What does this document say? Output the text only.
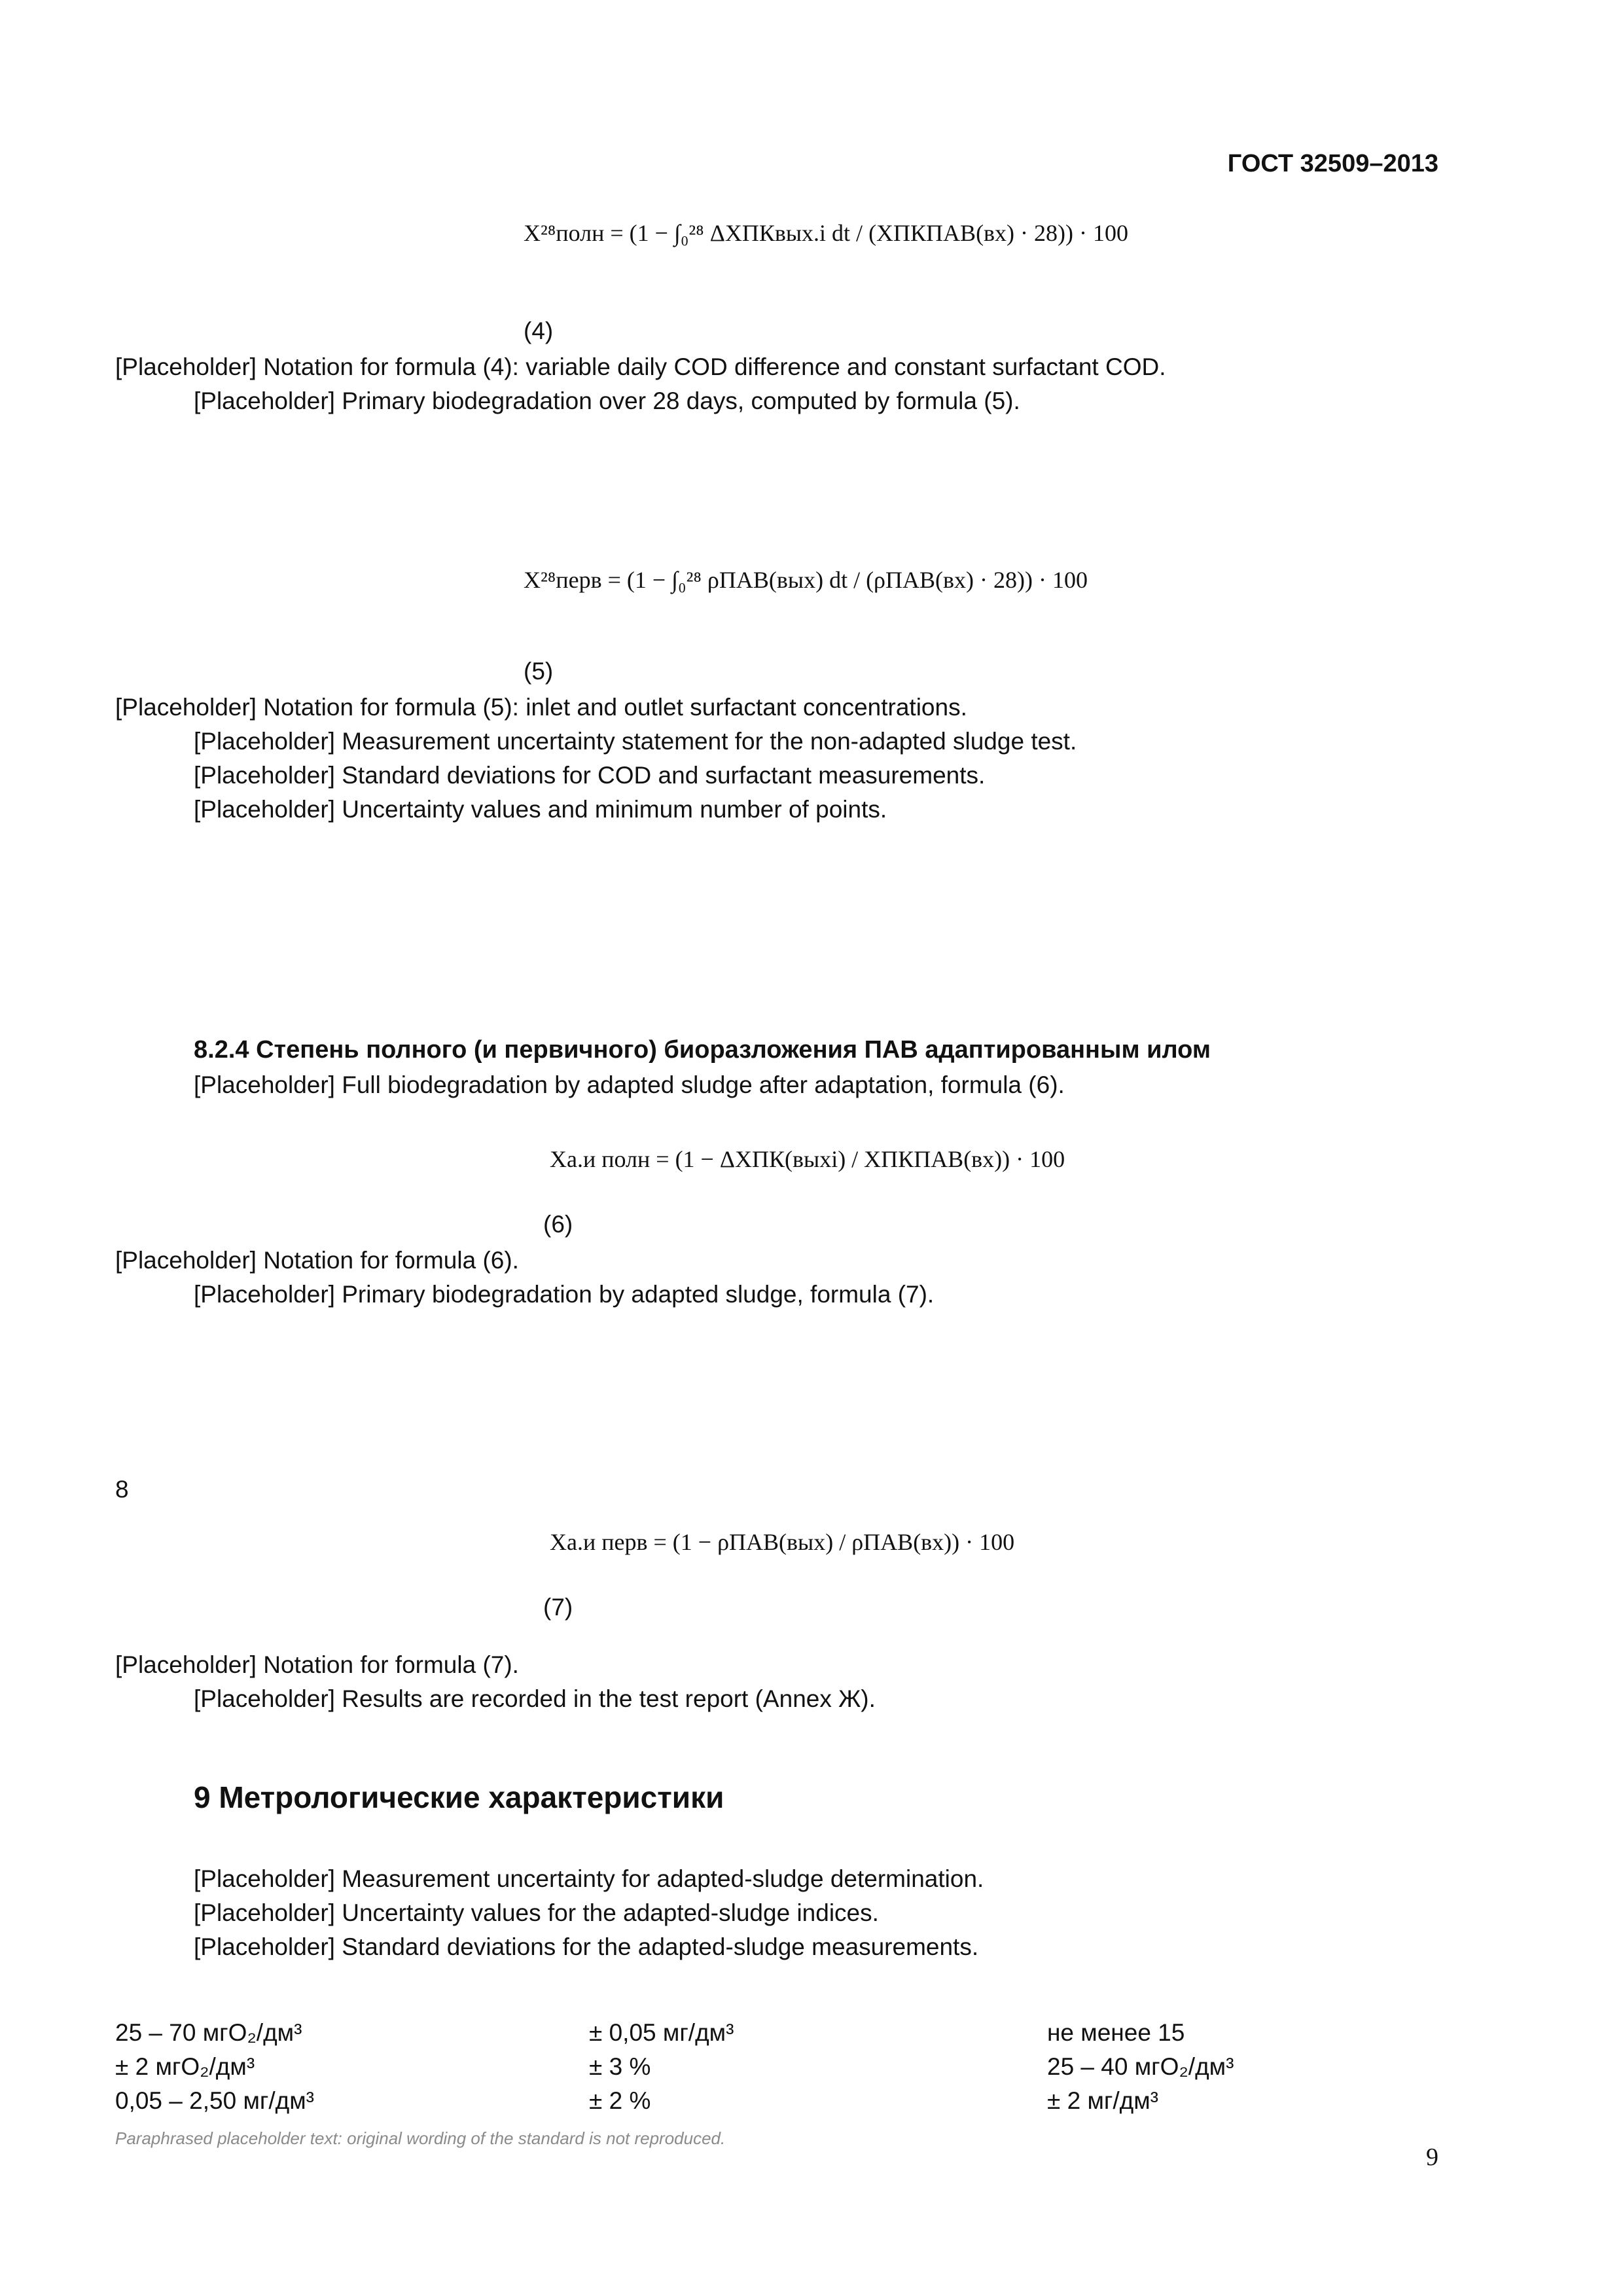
ГОСТ 32509–2013
X²⁸полн = (1 − ∫₀²⁸ ΔХПКвых.i dt / (ХПКПАВ(вх) · 28)) · 100
(4)

[Placeholder] Notation for formula (4): variable daily COD difference and constant surfactant COD.

[Placeholder] Primary biodegradation over 28 days, computed by formula (5).

X²⁸перв = (1 − ∫₀²⁸ ρПАВ(вых) dt / (ρПАВ(вх) · 28)) · 100
(5)

[Placeholder] Notation for formula (5): inlet and outlet surfactant concentrations.

[Placeholder] Measurement uncertainty statement for the non-adapted sludge test.

[Placeholder] Standard deviations for COD and surfactant measurements.

[Placeholder] Uncertainty values and minimum number of points.

8.2.4 Степень полного (и первичного) биоразложения ПАВ адаптированным илом

[Placeholder] Full biodegradation by adapted sludge after adaptation, formula (6).

Xа.и полн = (1 − ΔХПК(выхi) / ХПКПАВ(вх)) · 100
(6)

[Placeholder] Notation for formula (6).

[Placeholder] Primary biodegradation by adapted sludge, formula (7).

8
Xа.и перв = (1 − ρПАВ(вых) / ρПАВ(вх)) · 100
(7)

[Placeholder] Notation for formula (7).

[Placeholder] Results are recorded in the test report (Annex Ж).

9 Метрологические характеристики

[Placeholder] Measurement uncertainty for adapted-sludge determination.

[Placeholder] Uncertainty values for the adapted-sludge indices.

[Placeholder] Standard deviations for the adapted-sludge measurements.

25 – 70 мгО₂/дм³

± 2 мгО₂/дм³

0,05 – 2,50 мг/дм³

± 0,05 мг/дм³

± 3 %

± 2 %

не менее 15

25 – 40 мгО₂/дм³

± 2 мг/дм³

Paraphrased placeholder text: original wording of the standard is not reproduced.
9
